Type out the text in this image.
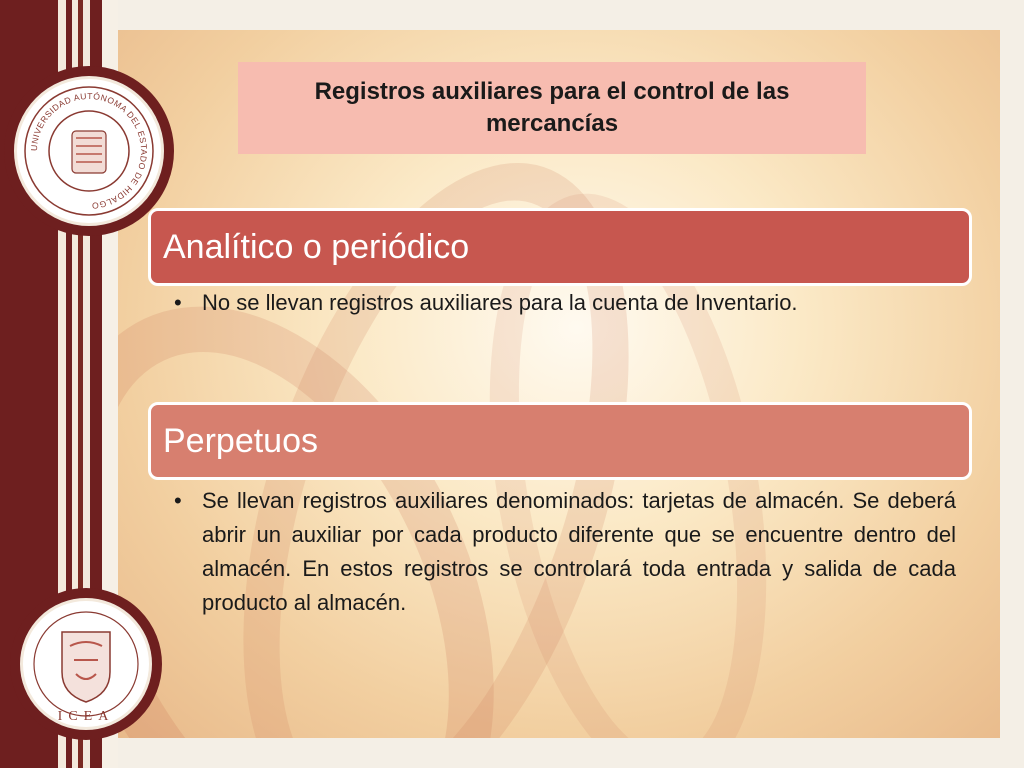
UNIVERSIDAD AUTÓNOMA DEL ESTADO DE HIDALGO
ICEA
Registros auxiliares para el control de las mercancías
Analítico o periódico
• No se llevan registros auxiliares para la cuenta de Inventario.
Perpetuos
• Se llevan registros auxiliares denominados: tarjetas de almacén. Se deberá abrir un auxiliar por cada producto diferente que se encuentre dentro del almacén. En estos registros se controlará toda entrada y salida de cada producto al almacén.
